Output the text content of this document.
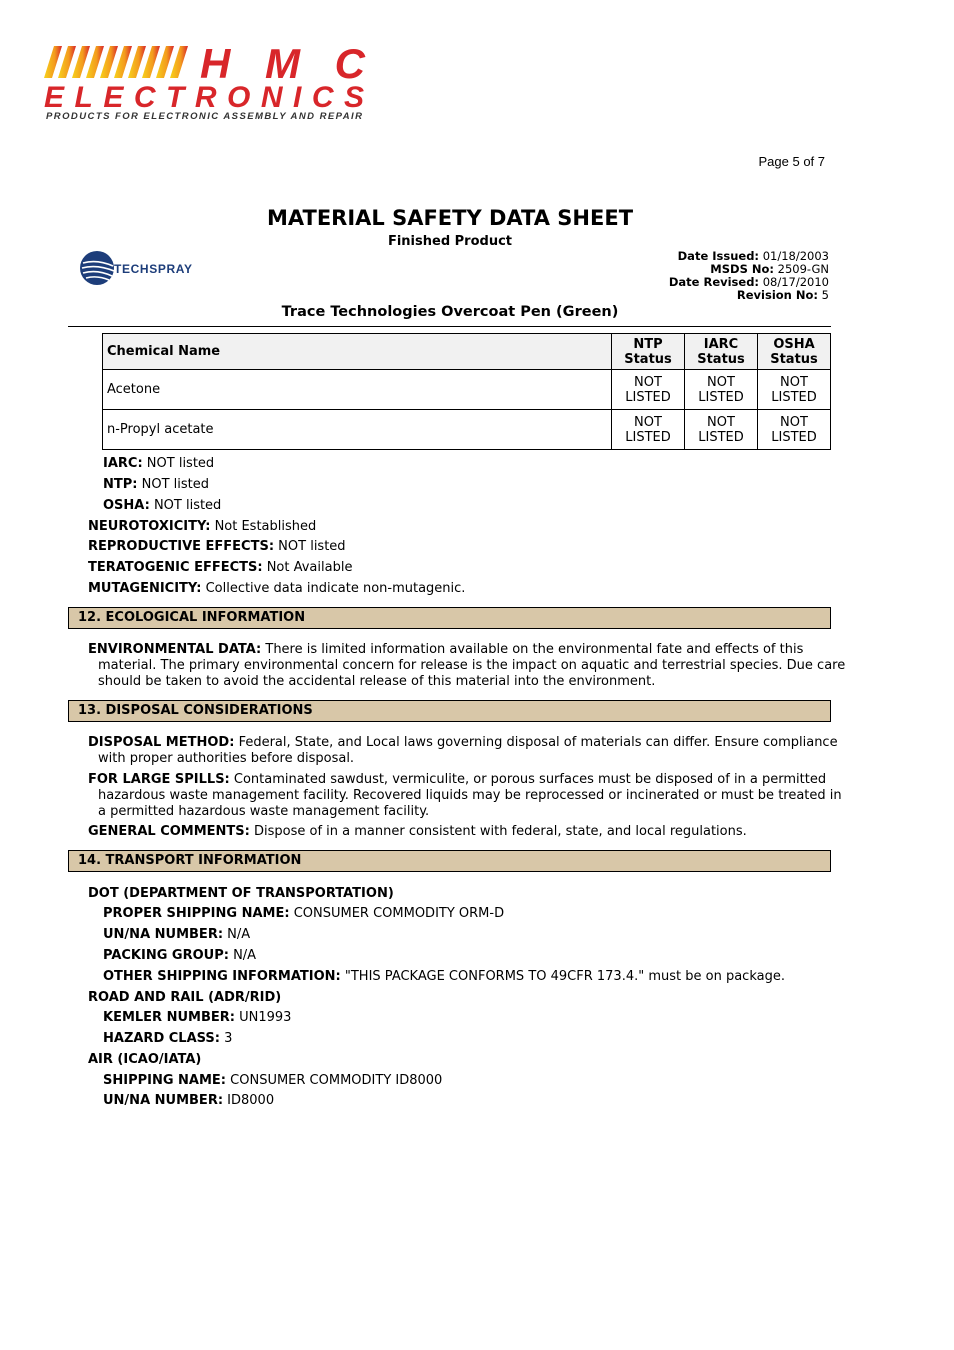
HMC
ELECTRONICS
PRODUCTS FOR ELECTRONIC ASSEMBLY AND REPAIR
Page 5 of 7
MATERIAL SAFETY DATA SHEET
Finished Product
TECHSPRAY
Date Issued: 01/18/2003
MSDS No: 2509-GN
Date Revised: 08/17/2010
Revision No: 5
Trace Technologies Overcoat Pen (Green)
Chemical Name	NTP Status	IARC Status	OSHA Status
Acetone	NOT LISTED	NOT LISTED	NOT LISTED
n-Propyl acetate	NOT LISTED	NOT LISTED	NOT LISTED
IARC: NOT listed
NTP: NOT listed
OSHA: NOT listed
NEUROTOXICITY: Not Established
REPRODUCTIVE EFFECTS: NOT listed
TERATOGENIC EFFECTS: Not Available
MUTAGENICITY: Collective data indicate non-mutagenic.
12. ECOLOGICAL INFORMATION
ENVIRONMENTAL DATA: There is limited information available on the environmental fate and effects of this material. The primary environmental concern for release is the impact on aquatic and terrestrial species. Due care should be taken to avoid the accidental release of this material into the environment.
13. DISPOSAL CONSIDERATIONS
DISPOSAL METHOD: Federal, State, and Local laws governing disposal of materials can differ. Ensure compliance with proper authorities before disposal.
FOR LARGE SPILLS: Contaminated sawdust, vermiculite, or porous surfaces must be disposed of in a permitted hazardous waste management facility. Recovered liquids may be reprocessed or incinerated or must be treated in a permitted hazardous waste management facility.
GENERAL COMMENTS: Dispose of in a manner consistent with federal, state, and local regulations.
14. TRANSPORT INFORMATION
DOT (DEPARTMENT OF TRANSPORTATION)
PROPER SHIPPING NAME: CONSUMER COMMODITY ORM-D
UN/NA NUMBER: N/A
PACKING GROUP: N/A
OTHER SHIPPING INFORMATION: "THIS PACKAGE CONFORMS TO 49CFR 173.4." must be on package.
ROAD AND RAIL (ADR/RID)
KEMLER NUMBER: UN1993
HAZARD CLASS: 3
AIR (ICAO/IATA)
SHIPPING NAME: CONSUMER COMMODITY ID8000
UN/NA NUMBER: ID8000
